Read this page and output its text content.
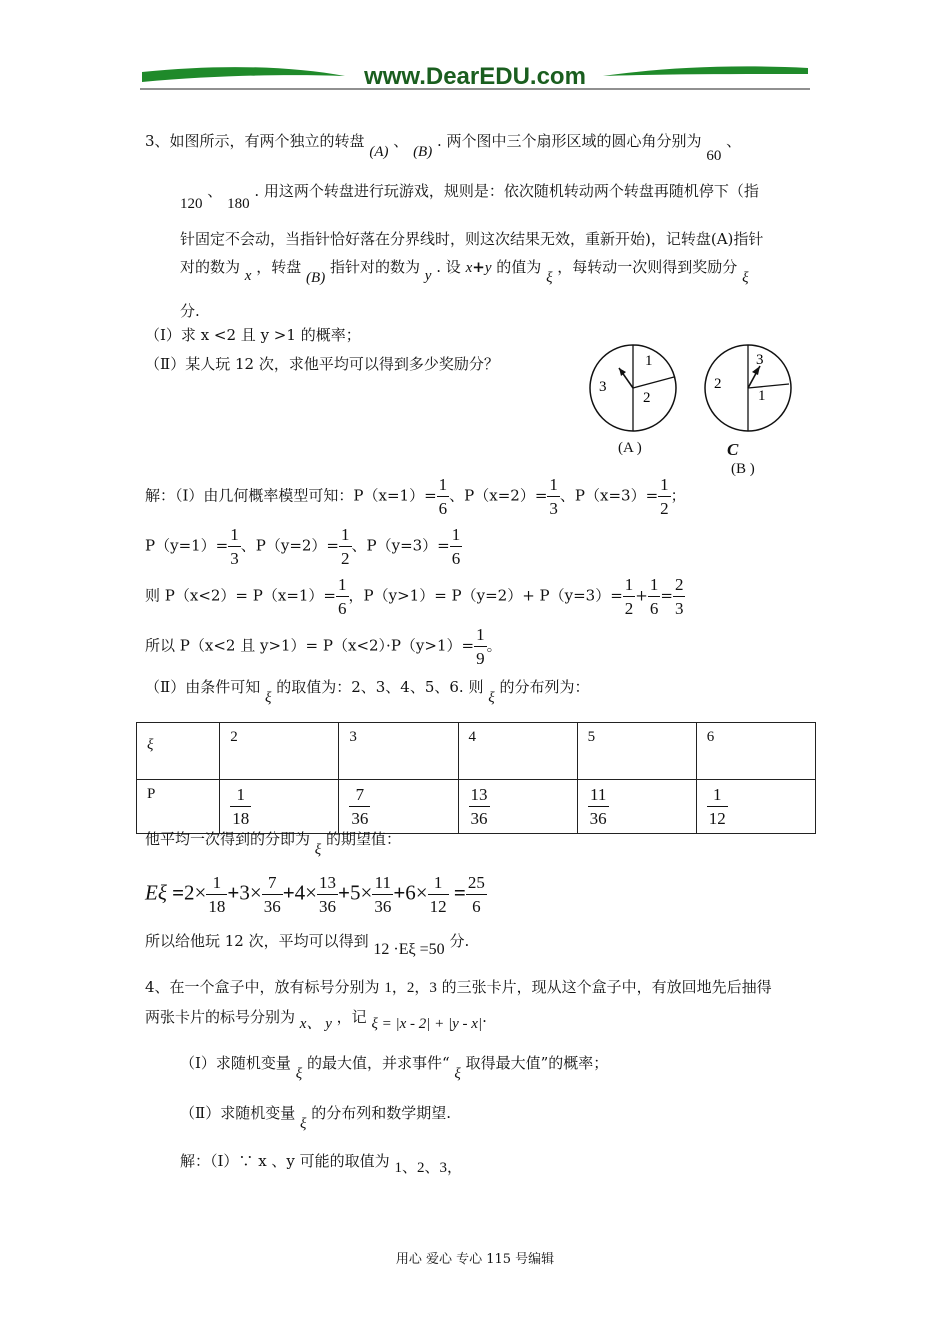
www.DearEDU.com
3、如图所示，有两个独立的转盘 (A) 、 (B) . 两个图中三个扇形区域的圆心角分别为 60 、
120 、 180 . 用这两个转盘进行玩游戏，规则是：依次随机转动两个转盘再随机停下（指
针固定不会动，当指针恰好落在分界线时，则这次结果无效，重新开始)，记转盘(A)指针
对的数为 x ，转盘 (B) 指针对的数为 y . 设 x+y 的值为 ξ ，每转动一次则得到奖励分 ξ
分.
（Ⅰ）求 x <2 且 y >1 的概率；
（Ⅱ）某人玩 12 次，求他平均可以得到多少奖励分？	1
2
3
(A )
3
1
2
C
(B )
解：（Ⅰ）由几何概率模型可知：$P(x=1)= \frac{1}{6}$ 、$P(x=2)= \frac{1}{3}$ 、$P(x=3)= \frac{1}{2}$ ；
$P(y=1)= \frac{1}{3}$ 、$P(y=2)= \frac{1}{2}$ 、$P(y=3)= \frac{1}{6}$
则 $P(x<2)= P(x=1)= \frac{1}{6}$ ，$P(y>1)= P(y=2)+ P(y=3)= \frac{1}{2} + \frac{1}{6} = \frac{2}{3}$
所以 P（x<2 且 $y>1)= P(x<2)\cdot P(y>1)= \frac{1}{9}$ 。
（Ⅱ）由条件可知 ξ 的取值为：2、3、4、5、6. 则 ξ 的分布列为：
ξ	2	3	4	5	6
P	$\frac{1}{18}$	$\frac{7}{36}$	$\frac{13}{36}$	$\frac{11}{36}$	$\frac{1}{12}$
他平均一次得到的分即为 ξ 的期望值：
$E\xi =2\times \frac{1}{18} +3\times \frac{7}{36} +4\times \frac{13}{36} +5\times \frac{11}{36} +6\times \frac{1}{12} = \frac{25}{6}$
所以给他玩 12 次，平均可以得到 12 ·Eξ =50 分.
4、在一个盒子中，放有标号分别为 1，2，3 的三张卡片，现从这个盒子中，有放回地先后抽得
两张卡片的标号分别为 x、 y ，记 ξ = |x - 2| + |y - x|.
（Ⅰ）求随机变量 ξ 的最大值，并求事件“ ξ 取得最大值”的概率；
（Ⅱ）求随机变量 ξ 的分布列和数学期望.
解：（Ⅰ）∵ x 、y 可能的取值为 1、2、3，
用心 爱心 专心 115 号编辑
